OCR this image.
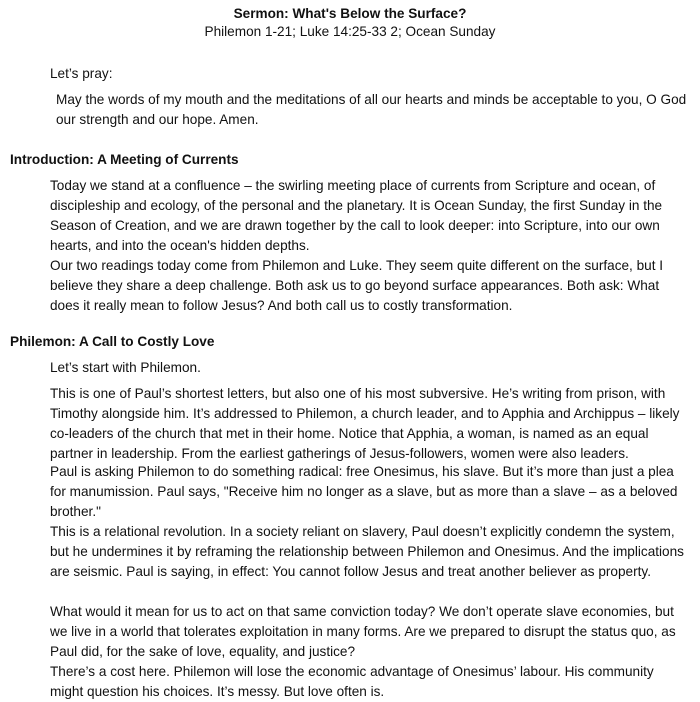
Sermon: What's Below the Surface?
Philemon 1-21; Luke 14:25-33 2; Ocean Sunday

Let’s pray:

May the words of my mouth and the meditations of all our hearts and minds be acceptable to you, O God our strength and our hope. Amen.

Introduction: A Meeting of Currents

Today we stand at a confluence – the swirling meeting place of currents from Scripture and ocean, of discipleship and ecology, of the personal and the planetary. It is Ocean Sunday, the first Sunday in the Season of Creation, and we are drawn together by the call to look deeper: into Scripture, into our own hearts, and into the ocean's hidden depths.

Our two readings today come from Philemon and Luke. They seem quite different on the surface, but I believe they share a deep challenge. Both ask us to go beyond surface appearances. Both ask: What does it really mean to follow Jesus? And both call us to costly transformation.

Philemon: A Call to Costly Love

Let’s start with Philemon.

This is one of Paul’s shortest letters, but also one of his most subversive. He’s writing from prison, with Timothy alongside him. It’s addressed to Philemon, a church leader, and to Apphia and Archippus – likely co-leaders of the church that met in their home. Notice that Apphia, a woman, is named as an equal partner in leadership. From the earliest gatherings of Jesus-followers, women were also leaders.

Paul is asking Philemon to do something radical: free Onesimus, his slave. But it’s more than just a plea for manumission. Paul says, "Receive him no longer as a slave, but as more than a slave – as a beloved brother."

This is a relational revolution. In a society reliant on slavery, Paul doesn’t explicitly condemn the system, but he undermines it by reframing the relationship between Philemon and Onesimus. And the implications are seismic. Paul is saying, in effect: You cannot follow Jesus and treat another believer as property.

What would it mean for us to act on that same conviction today? We don’t operate slave economies, but we live in a world that tolerates exploitation in many forms. Are we prepared to disrupt the status quo, as Paul did, for the sake of love, equality, and justice?

There’s a cost here. Philemon will lose the economic advantage of Onesimus’ labour. His community might question his choices. It’s messy. But love often is.
